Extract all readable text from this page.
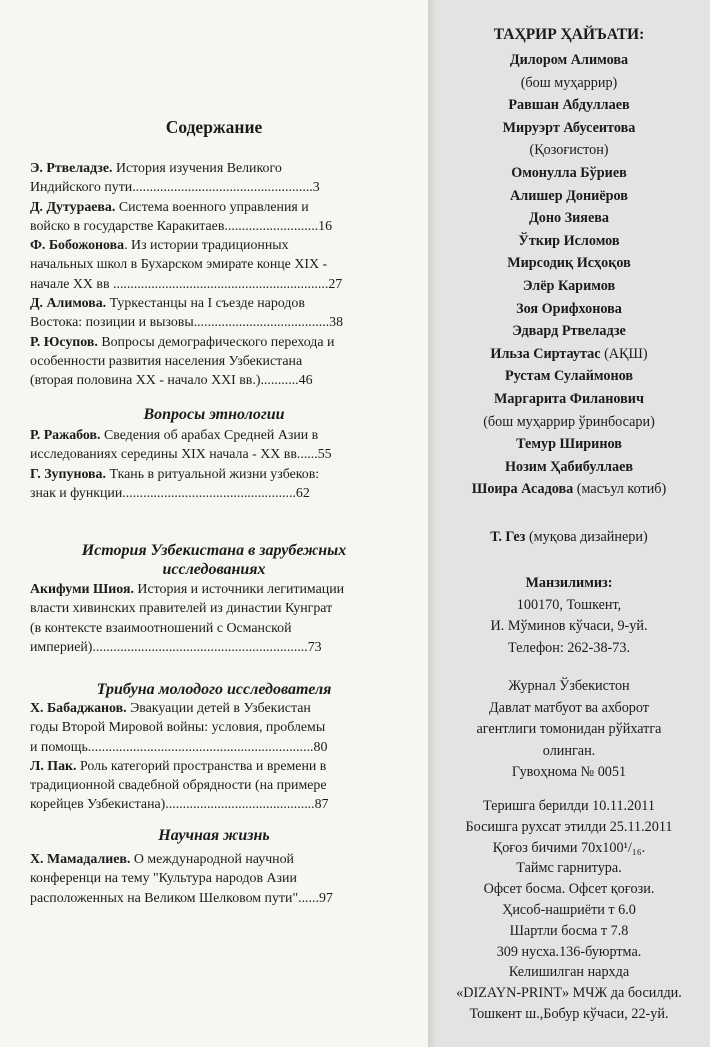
Содержание

Э. Ртвеладзе. История изучения Великого
Индийского пути....................................................3

Д. Дутураева. Система военного управления и
войско в государстве Каракитаев...........................16

Ф. Бобожонова. Из истории традиционных
начальных школ в Бухарском эмирате конце XIX -
начале XX вв ..............................................................27

Д. Алимова. Туркестанцы на I съезде народов
Востока: позиции и вызовы.......................................38

Р. Юсупов. Вопросы демографического перехода и
особенности развития населения Узбекистана
(вторая половина XX - начало XXI вв.)...........46

Вопросы этнологии

Р. Ражабов. Сведения об арабах Средней Азии в
исследованиях середины XIX начала - XX вв......55

Г. Зупунова. Ткань в ритуальной жизни узбеков:
знак и функции..................................................62

История Узбекистана в зарубежных
исследованиях

Акифуми Шиоя. История и источники легитимации
власти хивинских правителей из династии Кунграт
(в контексте взаимоотношений с Османской
империей)..............................................................73

Трибуна молодого исследователя

Х. Бабаджанов. Эвакуации детей в Узбекистан
годы Второй Мировой войны: условия, проблемы
и помощь.................................................................80

Л. Пак. Роль категорий пространства и времени в
традиционной свадебной обрядности (на примере
корейцев Узбекистана)...........................................87

Научная жизнь

Х. Мамадалиев. О международной научной
конференци на тему "Культура народов Азии
расположенных на Великом Шелковом пути"......97

ТАҲРИР ҲАЙЪАТИ:

Дилором Алимова

(бош муҳаррир)

Равшан Абдуллаев

Мируэрт Абусеитова

(Қозоғистон)

Омонулла Бўриев

Алишер Дониёров

Доно Зияева

Ўткир Исломов

Мирсодиқ Исҳоқов

Элёр Каримов

Зоя Орифхонова

Эдвард Ртвеладзе

Ильза Сиртаутас (АҚШ)

Рустам Сулаймонов

Маргарита Филанович

(бош муҳаррир ўринбосари)

Темур Ширинов

Нозим Ҳабибуллаев

Шоира Асадова (масъул котиб)

Т. Гез (муқова дизайнери)

Манзилимиз:

100170, Тошкент,

И. Мўминов кўчаси, 9-уй.

Телефон: 262-38-73.

Журнал Ўзбекистон

Давлат матбуот ва ахборот

агентлиги томонидан рўйхатга

олинган.

Гувоҳнома № 0051

Теришга берилди 10.11.2011

Босишга рухсат этилди 25.11.2011

Қоғоз бичими 70х100¹/₁₆.

Таймс гарнитура.

Офсет босма. Офсет қоғози.

Ҳисоб-нашриёти т 6.0

Шартли босма т 7.8

309 нусха.136-буюртма.

Келишилган нархда

«DIZAYN-PRINT» МЧЖ да босилди.

Тошкент ш.,Бобур кўчаси, 22-уй.
